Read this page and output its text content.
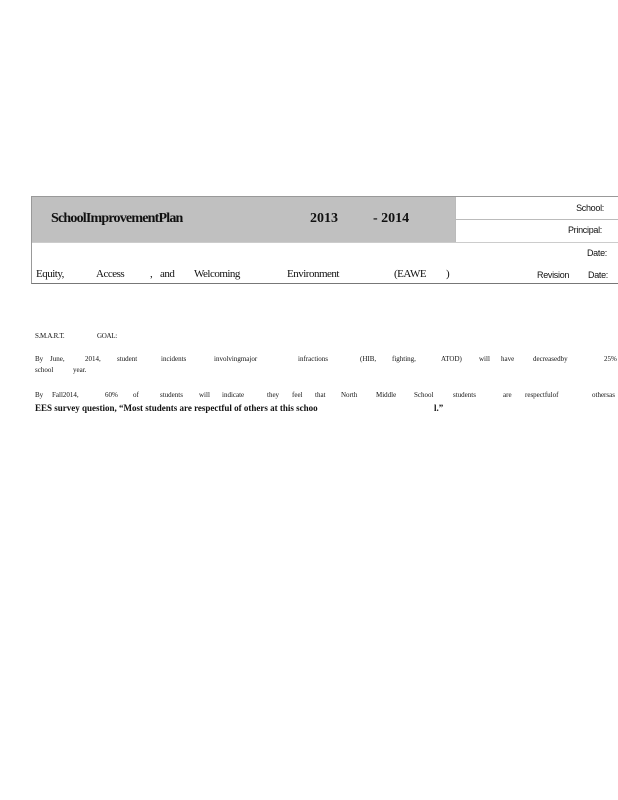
SchoolImprovementPlan	2013	- 2014
School:
Principal:
Date:
Equity,	Access , and Welcoming	Environment	(EAWE )	Revision Date:
S.M.A.R.T.	GOAL:
By June,	2014, student	incidents	involvingmajor	infractions	(HIB, fighting,	ATOD) will have	decreasedby	25%
school	year.
By Fall2014,	60% of	students will indicate	they feel that North	Middle	School	students	are respectfulof	othersas
EES survey question, “Most students are respectful of others at this schoo	l.”
